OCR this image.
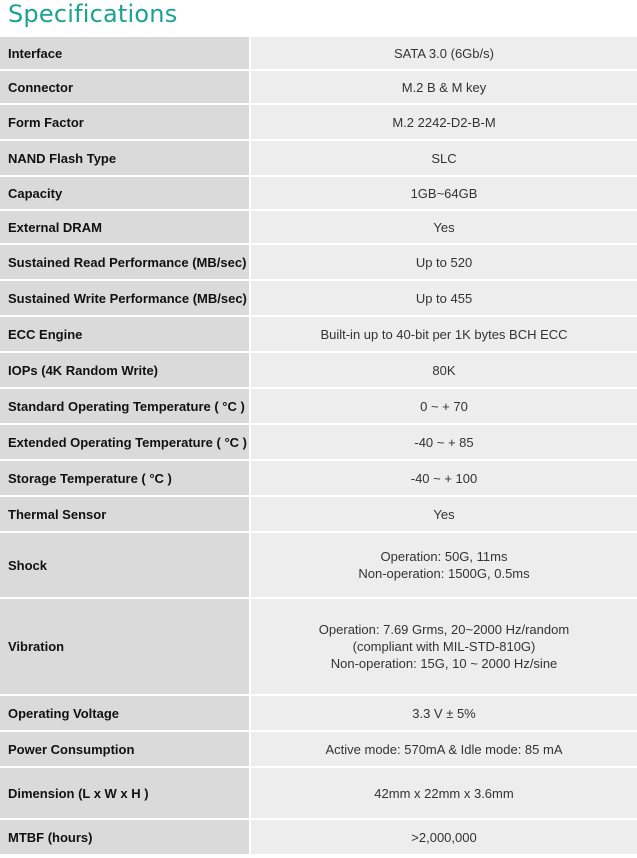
Specifications
Interface	SATA 3.0 (6Gb/s)

Connector	M.2 B & M key

Form Factor	M.2 2242-D2-B-M

NAND Flash Type	SLC

Capacity	1GB~64GB

External DRAM	Yes

Sustained Read Performance (MB/sec)	Up to 520

Sustained Write Performance (MB/sec)	Up to 455

ECC Engine	Built-in up to 40-bit per 1K bytes BCH ECC

IOPs (4K Random Write)	80K

Standard Operating Temperature ( °C )	0 ~ + 70

Extended Operating Temperature ( °C )	-40 ~ + 85

Storage Temperature ( °C )	-40 ~ + 100

Thermal Sensor	Yes

Shock	Operation: 50G, 11ms
Non-operation: 1500G, 0.5ms

Vibration	Operation: 7.69 Grms, 20~2000 Hz/random
(compliant with MIL-STD-810G)
Non-operation: 15G, 10 ~ 2000 Hz/sine

Operating Voltage	3.3 V ± 5%

Power Consumption	Active mode: 570mA & Idle mode: 85 mA

Dimension (L x W x H )	42mm x 22mm x 3.6mm

MTBF (hours)	>2,000,000
